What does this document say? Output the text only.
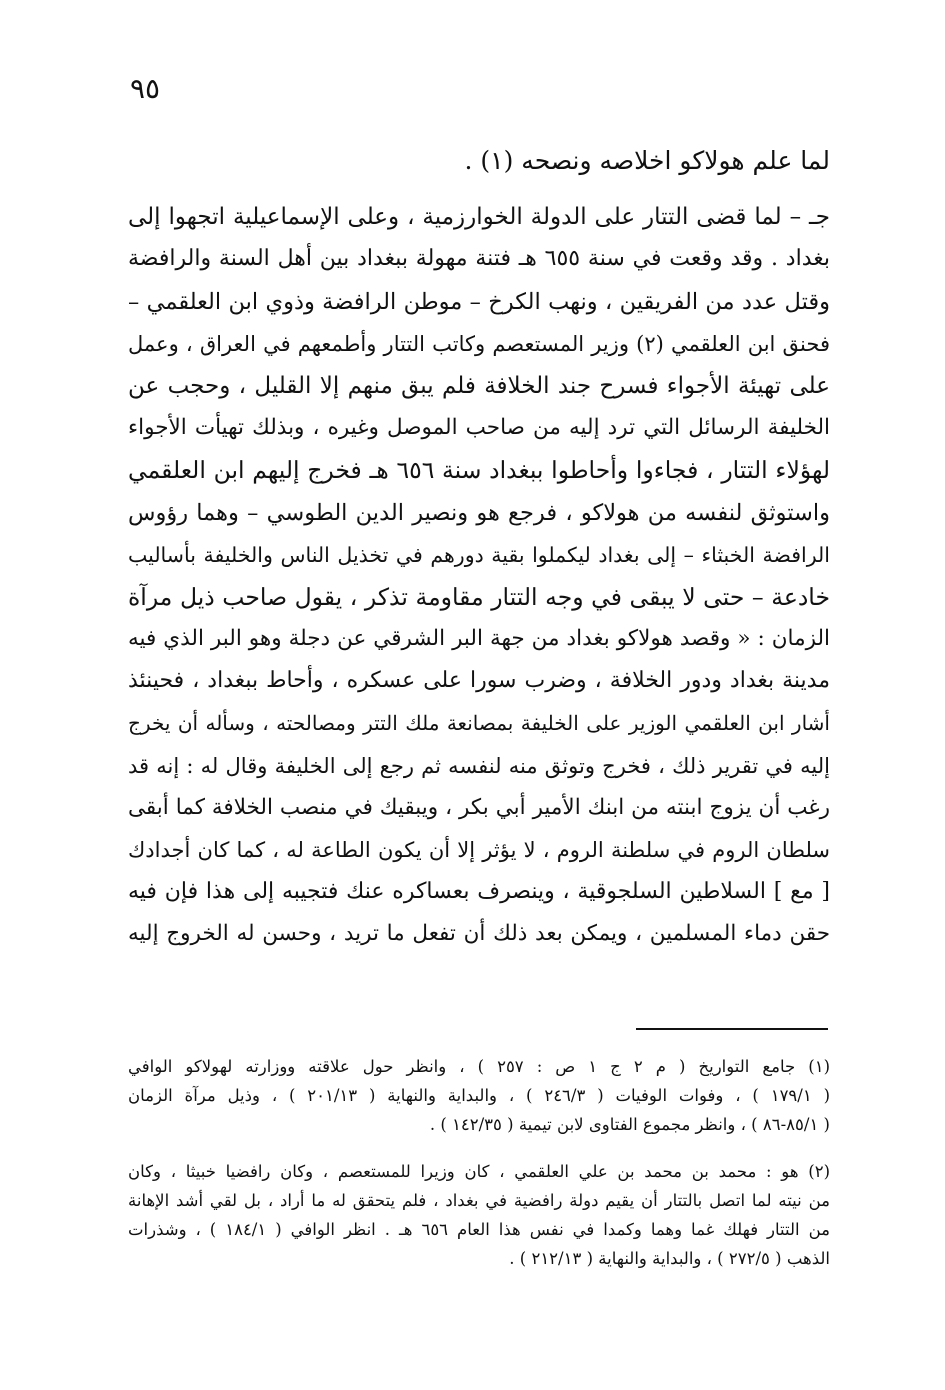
٩٥
لما علم هولاكو اخلاصه ونصحه (١) .
جـ – لما قضى التتار على الدولة الخوارزمية ، وعلى الإسماعيلية اتجهوا إلى
بغداد . وقد وقعت في سنة ٦٥٥ هـ فتنة مهولة ببغداد بين أهل السنة والرافضة
وقتل عدد من الفريقين ، ونهب الكرخ – موطن الرافضة وذوي ابن العلقمي –
فحنق ابن العلقمي (٢) وزير المستعصم وكاتب التتار وأطمعهم في العراق ، وعمل
على تهيئة الأجواء فسرح جند الخلافة فلم يبق منهم إلا القليل ، وحجب عن
الخليفة الرسائل التي ترد إليه من صاحب الموصل وغيره ، وبذلك تهيأت الأجواء
لهؤلاء التتار ، فجاءوا وأحاطوا ببغداد سنة ٦٥٦ هـ فخرج إليهم ابن العلقمي
واستوثق لنفسه من هولاكو ، فرجع هو ونصير الدين الطوسي – وهما رؤوس
الرافضة الخبثاء – إلى بغداد ليكملوا بقية دورهم في تخذيل الناس والخليفة بأساليب
خادعة – حتى لا يبقى في وجه التتار مقاومة تذكر ، يقول صاحب ذيل مرآة
الزمان : « وقصد هولاكو بغداد من جهة البر الشرقي عن دجلة وهو البر الذي فيه
مدينة بغداد ودور الخلافة ، وضرب سورا على عسكره ، وأحاط ببغداد ، فحينئذ
أشار ابن العلقمي الوزير على الخليفة بمصانعة ملك التتر ومصالحته ، وسأله أن يخرج
إليه في تقرير ذلك ، فخرج وتوثق منه لنفسه ثم رجع إلى الخليفة وقال له : إنه قد
رغب أن يزوج ابنته من ابنك الأمير أبي بكر ، ويبقيك في منصب الخلافة كما أبقى
سلطان الروم في سلطنة الروم ، لا يؤثر إلا أن يكون الطاعة له ، كما كان أجدادك
[ مع ] السلاطين السلجوقية ، وينصرف بعساكره عنك فتجيبه إلى هذا فإن فيه
حقن دماء المسلمين ، ويمكن بعد ذلك أن تفعل ما تريد ، وحسن له الخروج إليه
(١) جامع التواريخ ( م ٢ ج ١ ص : ٢٥٧ ) ، وانظر حول علاقته ووزارته لهولاكو الوافي
( ١٧٩/١ ) ، وفوات الوفيات ( ٢٤٦/٣ ) ، والبداية والنهاية ( ٢٠١/١٣ ) ، وذيل مرآة الزمان
( ٨٥/١-٨٦ ) ، وانظر مجموع الفتاوى لابن تيمية ( ١٤٢/٣٥ ) .
(٢) هو : محمد بن محمد بن علي العلقمي ، كان وزيرا للمستعصم ، وكان رافضيا خبيثا ، وكان
من نيته لما اتصل بالتتار أن يقيم دولة رافضية في بغداد ، فلم يتحقق له ما أراد ، بل لقي أشد الإهانة
من التتار فهلك غما وهما وكمدا في نفس هذا العام ٦٥٦ هـ . انظر الوافي ( ١٨٤/١ ) ، وشذرات
الذهب ( ٢٧٢/٥ ) ، والبداية والنهاية ( ٢١٢/١٣ ) .
